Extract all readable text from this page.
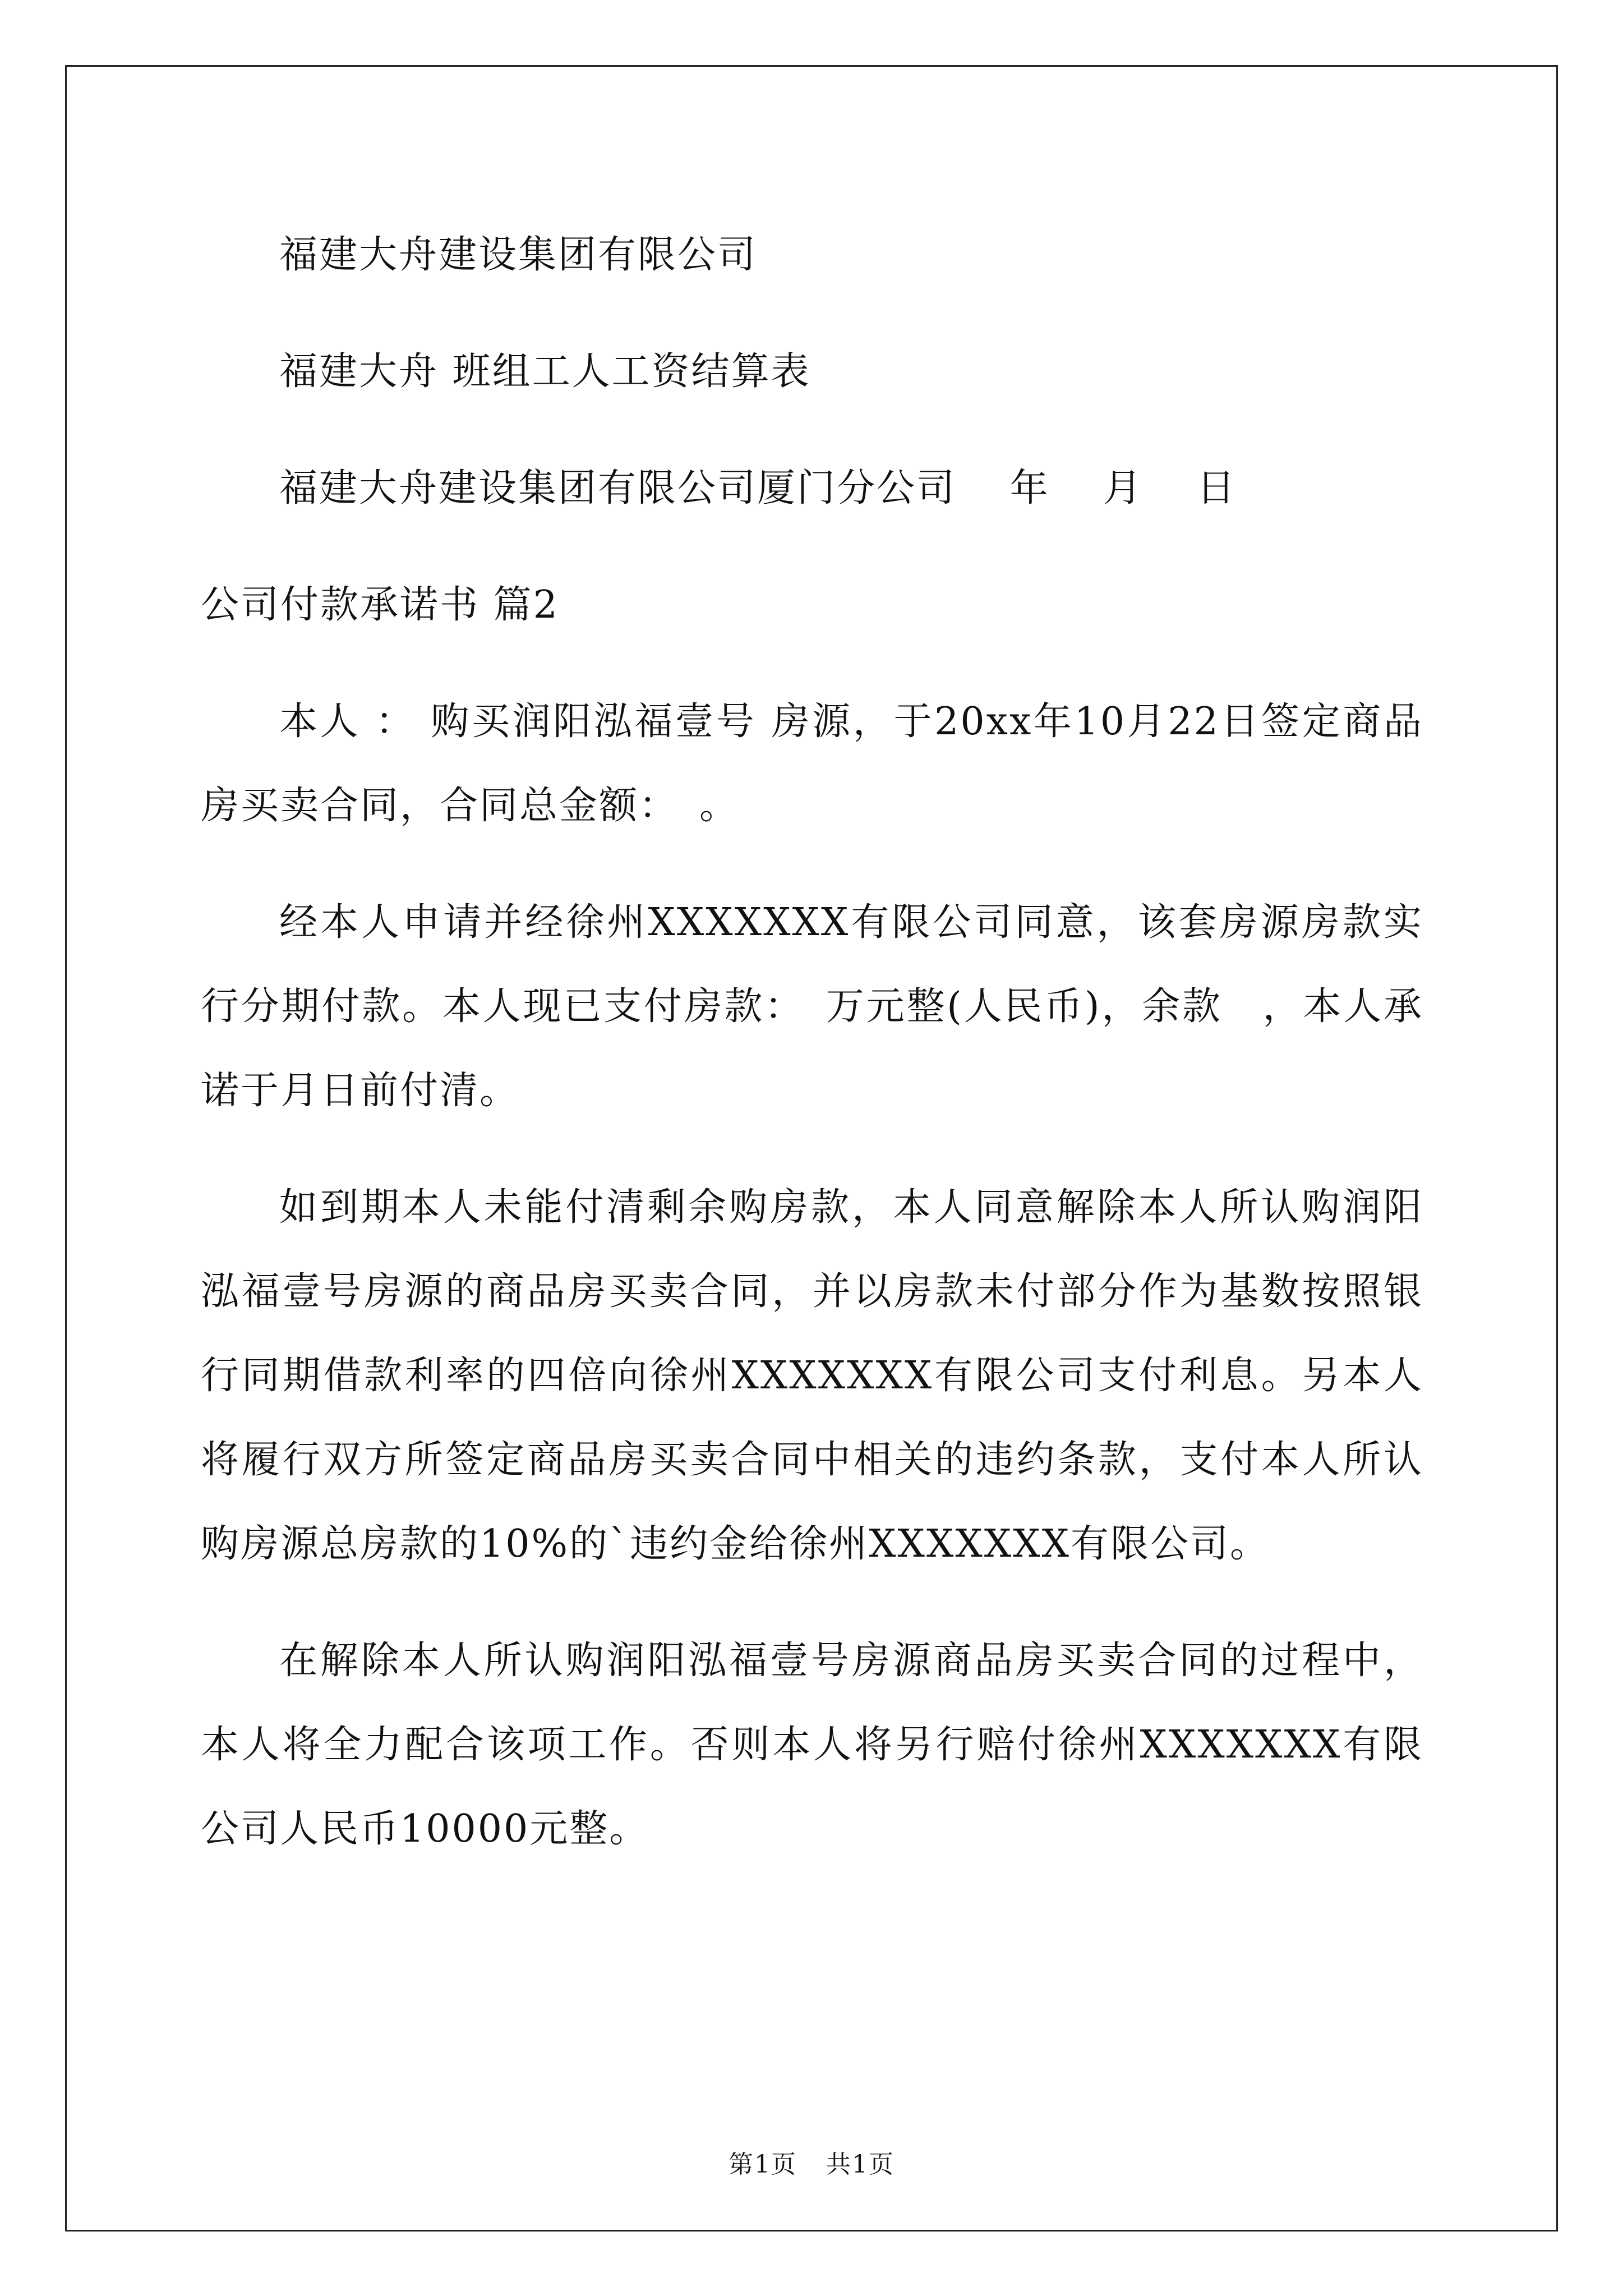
福建大舟建设集团有限公司
福建大舟 班组工人工资结算表
福建大舟建设集团有限公司厦门分公司　 年　 月　 日
公司付款承诺书 篇2

本人 ： 购买润阳泓福壹号 房源，于20xx年10月22日签定商品房买卖合同，合同总金额：　。

经本人申请并经徐州XXXXXXX有限公司同意，该套房源房款实行分期付款。本人现已支付房款：　万元整(人民币)，余款　，本人承诺于月日前付清。

如到期本人未能付清剩余购房款，本人同意解除本人所认购润阳泓福壹号房源的商品房买卖合同，并以房款未付部分作为基数按照银行同期借款利率的四倍向徐州XXXXXXX有限公司支付利息。另本人将履行双方所签定商品房买卖合同中相关的违约条款，支付本人所认购房源总房款的10%的`违约金给徐州XXXXXXX有限公司。

在解除本人所认购润阳泓福壹号房源商品房买卖合同的过程中，本人将全力配合该项工作。否则本人将另行赔付徐州XXXXXXX有限公司人民币10000元整。

第1页 共1页
